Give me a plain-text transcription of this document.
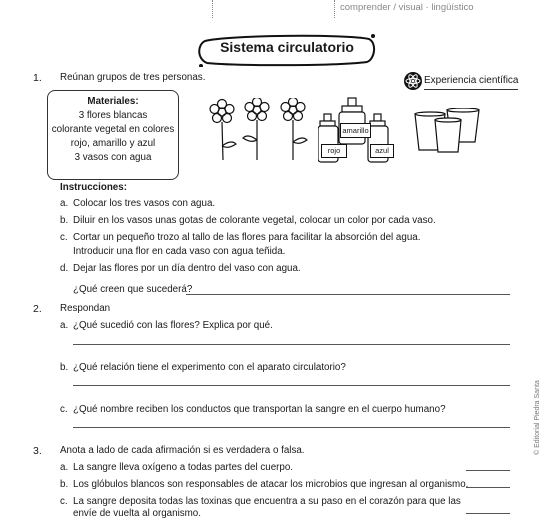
comprender / visual · lingüístico
Sistema circulatorio
Experiencia científica
1. Reúnan grupos de tres personas.
Materiales:
3 flores blancas
colorante vegetal en colores
rojo, amarillo y azul
3 vasos con agua
amarillo
rojo	azul
Instrucciones:
a. Colocar los tres vasos con agua.
b. Diluir en los vasos unas gotas de colorante vegetal, colocar un color por cada vaso.
c. Cortar un pequeño trozo al tallo de las flores para facilitar la absorción del agua.
Introducir una flor en cada vaso con agua teñida.
d. Dejar las flores por un día dentro del vaso con agua.
¿Qué creen que sucederá?
2. Respondan
a. ¿Qué sucedió con las flores? Explica por qué.
b. ¿Qué relación tiene el experimento con el aparato circulatorio?
c. ¿Qué nombre reciben los conductos que transportan la sangre en el cuerpo humano?
3. Anota a lado de cada afirmación si es verdadera o falsa.
a. La sangre lleva oxígeno a todas partes del cuerpo.
b. Los glóbulos blancos son responsables de atacar los microbios que ingresan al organismo.
c. La sangre deposita todas las toxinas que encuentra a su paso en el corazón para que las
envíe de vuelta al organismo.
© Editorial Piedra Santa
